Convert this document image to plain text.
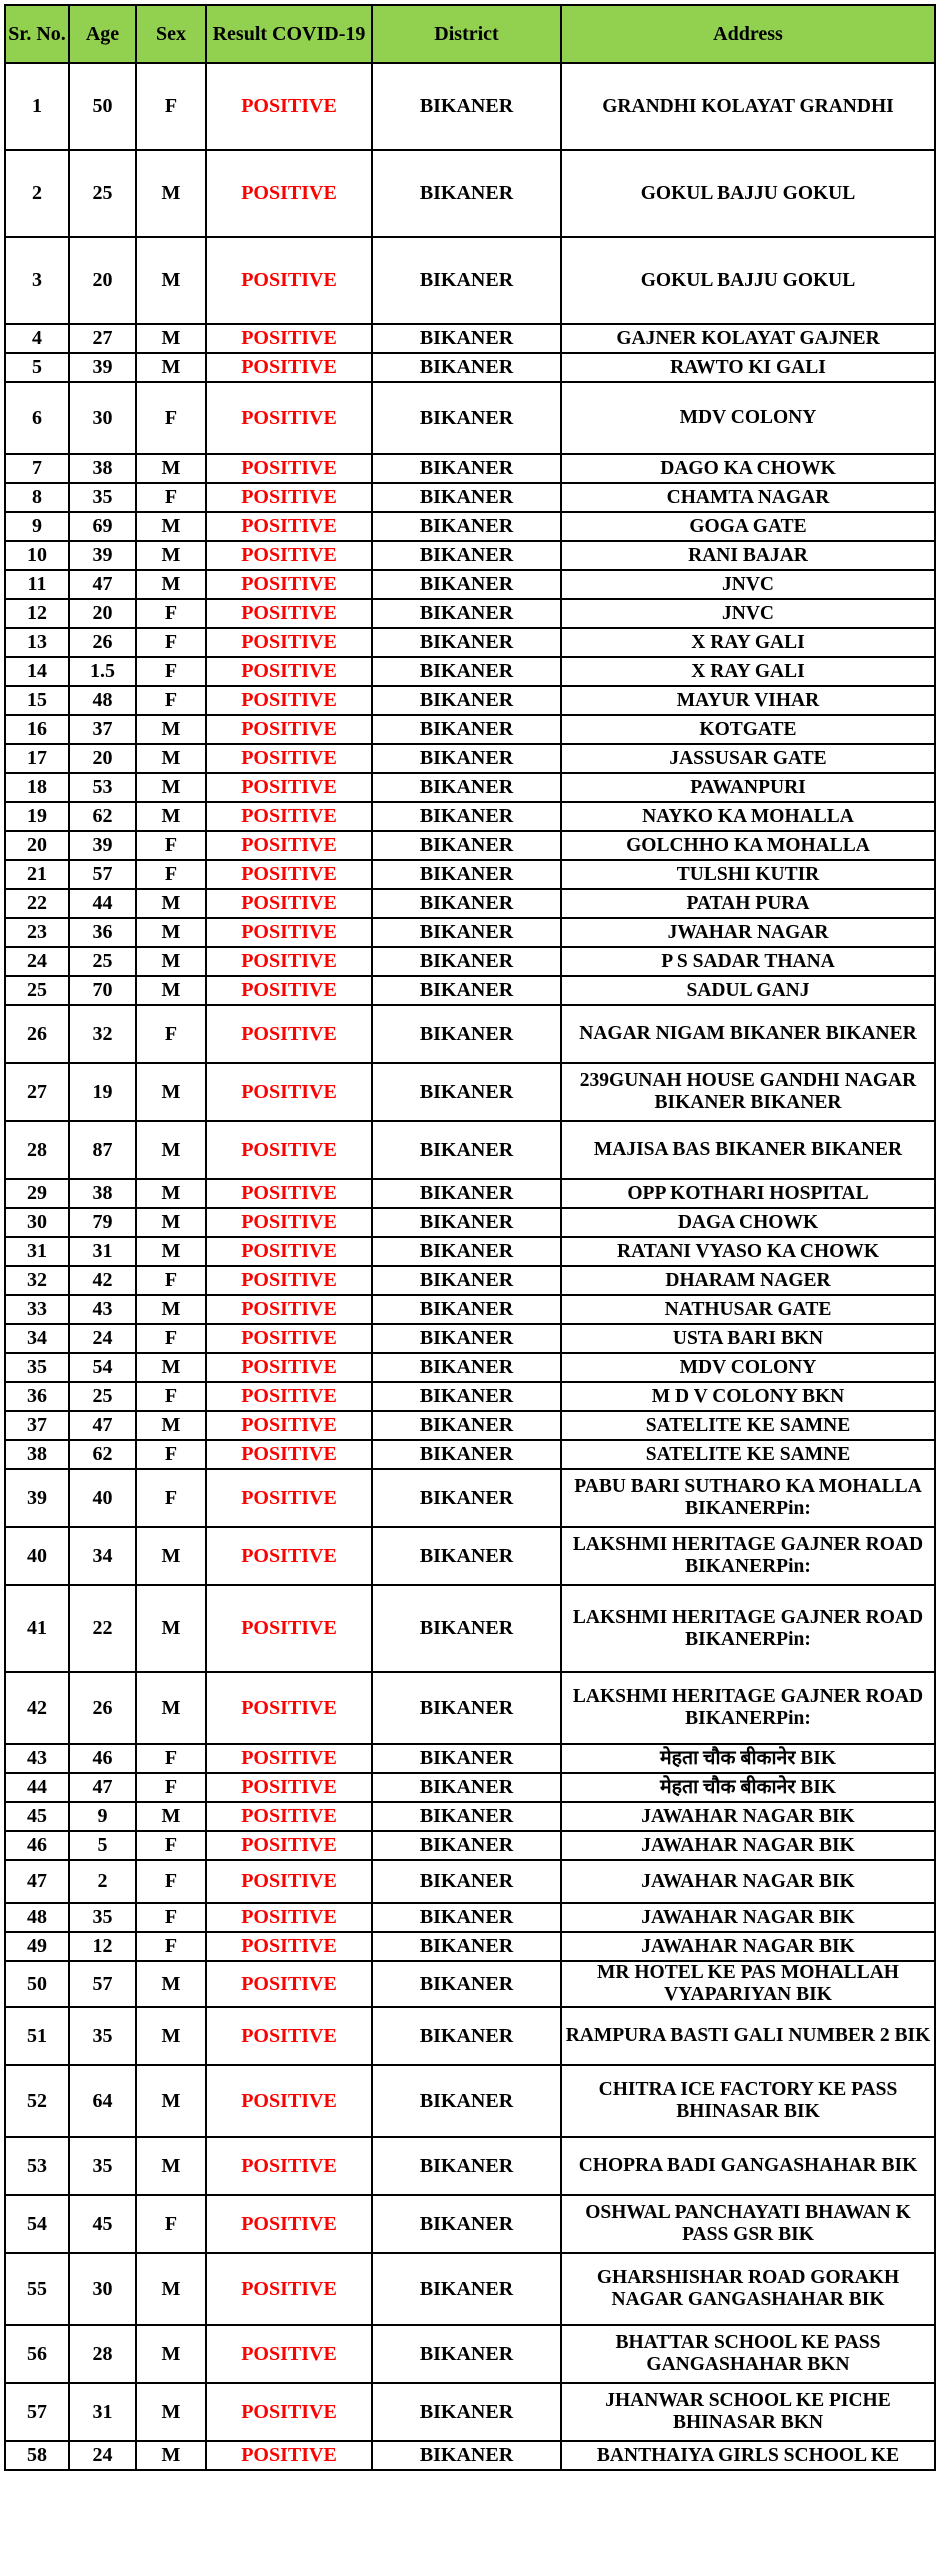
Sr. No.	Age	Sex	Result COVID-19	District	Address
1	50	F	POSITIVE	BIKANER	GRANDHI KOLAYAT GRANDHI
2	25	M	POSITIVE	BIKANER	GOKUL BAJJU GOKUL
3	20	M	POSITIVE	BIKANER	GOKUL BAJJU GOKUL
4	27	M	POSITIVE	BIKANER	GAJNER KOLAYAT GAJNER
5	39	M	POSITIVE	BIKANER	RAWTO KI GALI
6	30	F	POSITIVE	BIKANER	MDV COLONY
7	38	M	POSITIVE	BIKANER	DAGO KA CHOWK
8	35	F	POSITIVE	BIKANER	CHAMTA NAGAR
9	69	M	POSITIVE	BIKANER	GOGA GATE
10	39	M	POSITIVE	BIKANER	RANI BAJAR
11	47	M	POSITIVE	BIKANER	JNVC
12	20	F	POSITIVE	BIKANER	JNVC
13	26	F	POSITIVE	BIKANER	X RAY GALI
14	1.5	F	POSITIVE	BIKANER	X RAY GALI
15	48	F	POSITIVE	BIKANER	MAYUR VIHAR
16	37	M	POSITIVE	BIKANER	KOTGATE
17	20	M	POSITIVE	BIKANER	JASSUSAR GATE
18	53	M	POSITIVE	BIKANER	PAWANPURI
19	62	M	POSITIVE	BIKANER	NAYKO KA MOHALLA
20	39	F	POSITIVE	BIKANER	GOLCHHO KA MOHALLA
21	57	F	POSITIVE	BIKANER	TULSHI KUTIR
22	44	M	POSITIVE	BIKANER	PATAH PURA
23	36	M	POSITIVE	BIKANER	JWAHAR NAGAR
24	25	M	POSITIVE	BIKANER	P S SADAR THANA
25	70	M	POSITIVE	BIKANER	SADUL GANJ
26	32	F	POSITIVE	BIKANER	NAGAR NIGAM BIKANER BIKANER
27	19	M	POSITIVE	BIKANER	239GUNAH HOUSE GANDHI NAGAR BIKANER BIKANER
28	87	M	POSITIVE	BIKANER	MAJISA BAS BIKANER BIKANER
29	38	M	POSITIVE	BIKANER	OPP KOTHARI HOSPITAL
30	79	M	POSITIVE	BIKANER	DAGA CHOWK
31	31	M	POSITIVE	BIKANER	RATANI VYASO KA CHOWK
32	42	F	POSITIVE	BIKANER	DHARAM NAGER
33	43	M	POSITIVE	BIKANER	NATHUSAR GATE
34	24	F	POSITIVE	BIKANER	USTA BARI BKN
35	54	M	POSITIVE	BIKANER	MDV COLONY
36	25	F	POSITIVE	BIKANER	M D V COLONY BKN
37	47	M	POSITIVE	BIKANER	SATELITE KE SAMNE
38	62	F	POSITIVE	BIKANER	SATELITE KE SAMNE
39	40	F	POSITIVE	BIKANER	PABU BARI SUTHARO KA MOHALLA BIKANERPin:
40	34	M	POSITIVE	BIKANER	LAKSHMI HERITAGE GAJNER ROAD BIKANERPin:
41	22	M	POSITIVE	BIKANER	LAKSHMI HERITAGE GAJNER ROAD BIKANERPin:
42	26	M	POSITIVE	BIKANER	LAKSHMI HERITAGE GAJNER ROAD BIKANERPin:
43	46	F	POSITIVE	BIKANER	मेहता चौक बीकानेर BIK
44	47	F	POSITIVE	BIKANER	मेहता चौक बीकानेर BIK
45	9	M	POSITIVE	BIKANER	JAWAHAR NAGAR BIK
46	5	F	POSITIVE	BIKANER	JAWAHAR NAGAR BIK
47	2	F	POSITIVE	BIKANER	JAWAHAR NAGAR BIK
48	35	F	POSITIVE	BIKANER	JAWAHAR NAGAR BIK
49	12	F	POSITIVE	BIKANER	JAWAHAR NAGAR BIK
50	57	M	POSITIVE	BIKANER	MR HOTEL KE PAS MOHALLAH VYAPARIYAN BIK
51	35	M	POSITIVE	BIKANER	RAMPURA BASTI GALI NUMBER 2 BIK
52	64	M	POSITIVE	BIKANER	CHITRA ICE FACTORY KE PASS BHINASAR BIK
53	35	M	POSITIVE	BIKANER	CHOPRA BADI GANGASHAHAR BIK
54	45	F	POSITIVE	BIKANER	OSHWAL PANCHAYATI BHAWAN K PASS GSR BIK
55	30	M	POSITIVE	BIKANER	GHARSHISHAR ROAD GORAKH NAGAR GANGASHAHAR BIK
56	28	M	POSITIVE	BIKANER	BHATTAR SCHOOL KE PASS GANGASHAHAR BKN
57	31	M	POSITIVE	BIKANER	JHANWAR SCHOOL KE PICHE BHINASAR BKN
58	24	M	POSITIVE	BIKANER	BANTHAIYA GIRLS SCHOOL KE
